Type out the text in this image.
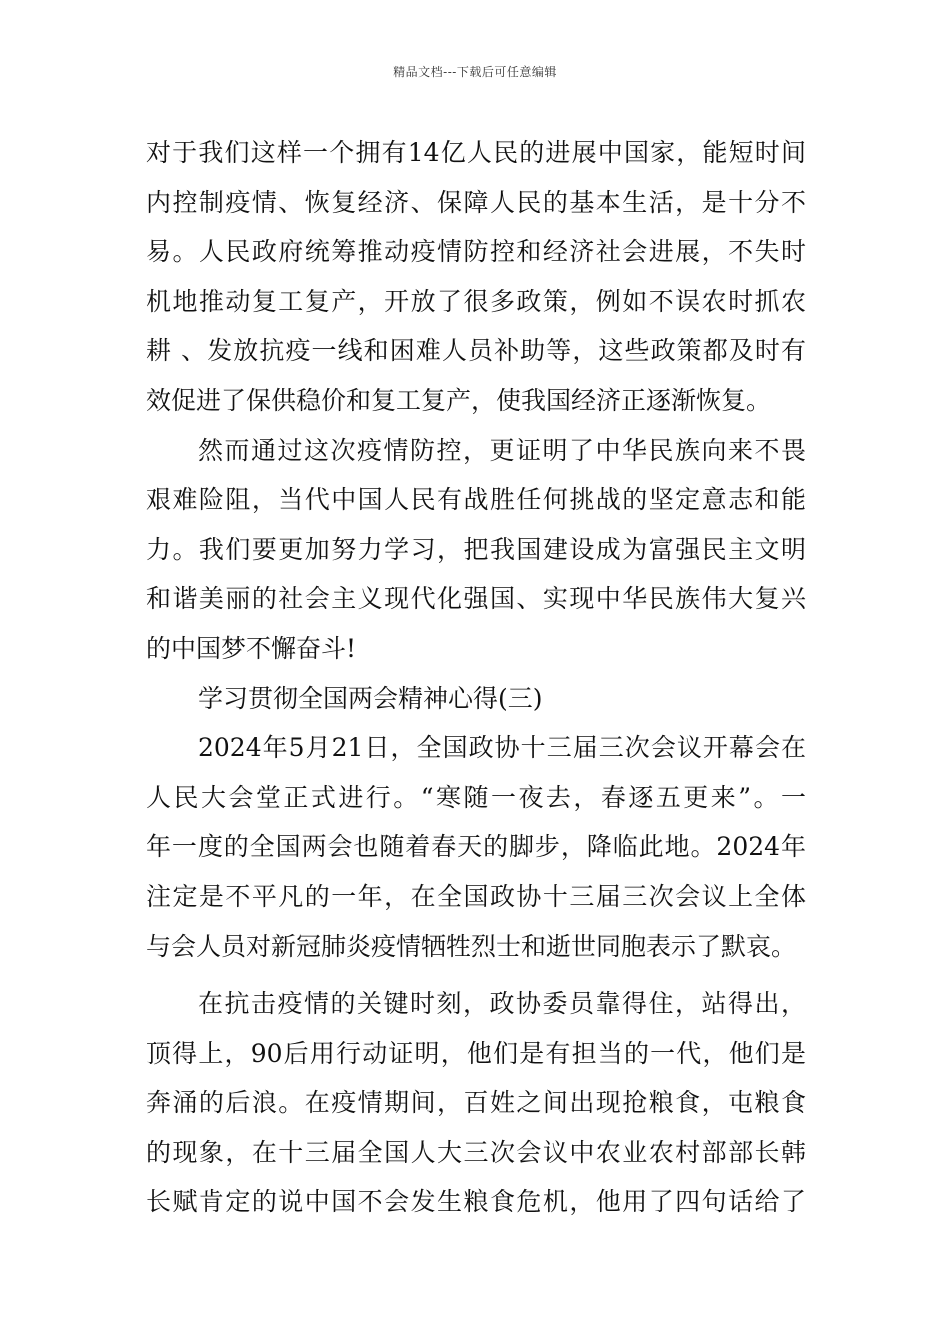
精品文档---下载后可任意编辑
对于我们这样一个拥有14亿人民的进展中国家，能短时间
内控制疫情、恢复经济、保障人民的基本生活，是十分不
易。人民政府统筹推动疫情防控和经济社会进展，不失时
机地推动复工复产，开放了很多政策，例如不误农时抓农
耕 、发放抗疫一线和困难人员补助等，这些政策都及时有
效促进了保供稳价和复工复产，使我国经济正逐渐恢复。
然而通过这次疫情防控，更证明了中华民族向来不畏
艰难险阻，当代中国人民有战胜任何挑战的坚定意志和能
力。我们要更加努力学习，把我国建设成为富强民主文明
和谐美丽的社会主义现代化强国、实现中华民族伟大复兴
的中国梦不懈奋斗!
学习贯彻全国两会精神心得(三)
2024年5月21日，全国政协十三届三次会议开幕会在
人民大会堂正式进行。“寒随一夜去，春逐五更来”。一
年一度的全国两会也随着春天的脚步，降临此地。2024年
注定是不平凡的一年，在全国政协十三届三次会议上全体
与会人员对新冠肺炎疫情牺牲烈士和逝世同胞表示了默哀。
在抗击疫情的关键时刻，政协委员靠得住，站得出，
顶得上，90后用行动证明，他们是有担当的一代，他们是
奔涌的后浪。在疫情期间，百姓之间出现抢粮食，屯粮食
的现象，在十三届全国人大三次会议中农业农村部部长韩
长赋肯定的说中国不会发生粮食危机，他用了四句话给了
